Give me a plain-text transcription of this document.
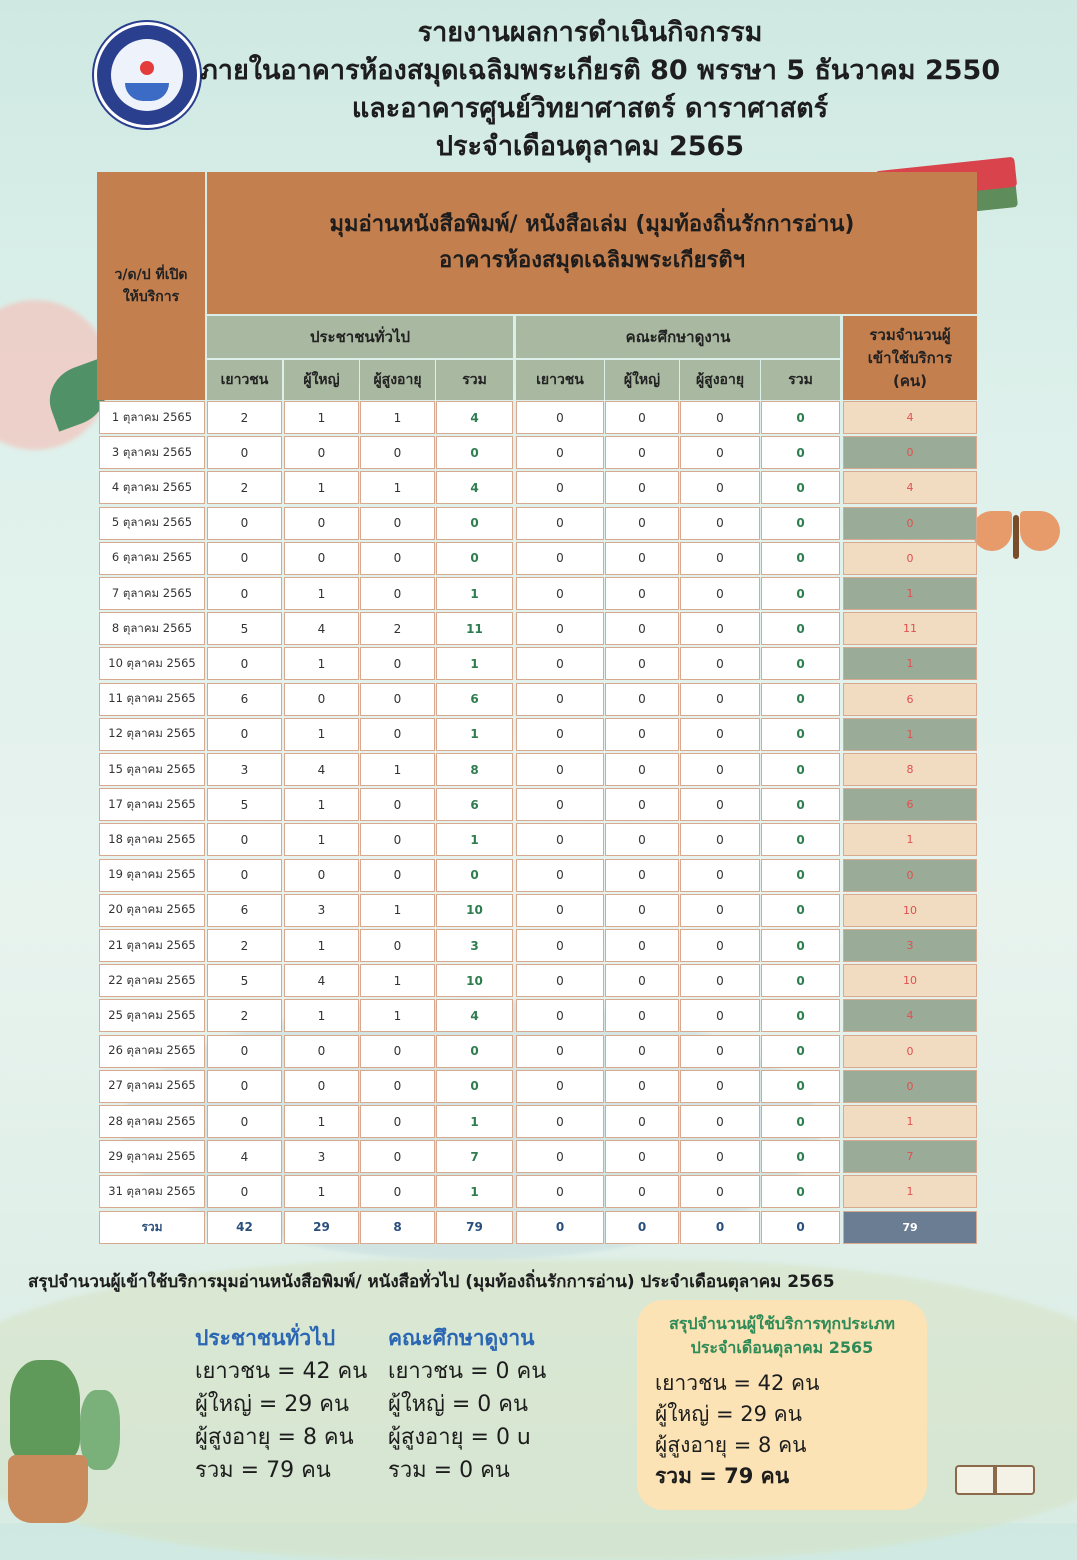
รายงานผลการดำเนินกิจกรรม
ภายในอาคารห้องสมุดเฉลิมพระเกียรติ 80 พรรษา 5 ธันวาคม 2550
และอาคารศูนย์วิทยาศาสตร์ ดาราศาสตร์
ประจำเดือนตุลาคม 2565
ว/ด/ป ที่เปิดให้บริการ
มุมอ่านหนังสือพิมพ์/ หนังสือเล่ม (มุมท้องถิ่นรักการอ่าน)
อาคารห้องสมุดเฉลิมพระเกียรติฯ
ประชาชนทั่วไป	คณะศึกษาดูงาน	รวมจำนวนผู้เข้าใช้บริการ (คน)
เยาวชน	ผู้ใหญ่	ผู้สูงอายุ	รวม	เยาวชน	ผู้ใหญ่	ผู้สูงอายุ	รวม
1 ตุลาคม 2565	2	1	1	4	0	0	0	0	4
3 ตุลาคม 2565	0	0	0	0	0	0	0	0	0
4 ตุลาคม 2565	2	1	1	4	0	0	0	0	4
5 ตุลาคม 2565	0	0	0	0	0	0	0	0	0
6 ตุลาคม 2565	0	0	0	0	0	0	0	0	0
7 ตุลาคม 2565	0	1	0	1	0	0	0	0	1
8 ตุลาคม 2565	5	4	2	11	0	0	0	0	11
10 ตุลาคม 2565	0	1	0	1	0	0	0	0	1
11 ตุลาคม 2565	6	0	0	6	0	0	0	0	6
12 ตุลาคม 2565	0	1	0	1	0	0	0	0	1
15 ตุลาคม 2565	3	4	1	8	0	0	0	0	8
17 ตุลาคม 2565	5	1	0	6	0	0	0	0	6
18 ตุลาคม 2565	0	1	0	1	0	0	0	0	1
19 ตุลาคม 2565	0	0	0	0	0	0	0	0	0
20 ตุลาคม 2565	6	3	1	10	0	0	0	0	10
21 ตุลาคม 2565	2	1	0	3	0	0	0	0	3
22 ตุลาคม 2565	5	4	1	10	0	0	0	0	10
25 ตุลาคม 2565	2	1	1	4	0	0	0	0	4
26 ตุลาคม 2565	0	0	0	0	0	0	0	0	0
27 ตุลาคม 2565	0	0	0	0	0	0	0	0	0
28 ตุลาคม 2565	0	1	0	1	0	0	0	0	1
29 ตุลาคม 2565	4	3	0	7	0	0	0	0	7
31 ตุลาคม 2565	0	1	0	1	0	0	0	0	1
รวม	42	29	8	79	0	0	0	0	79
สรุปจำนวนผู้เข้าใช้บริการมุมอ่านหนังสือพิมพ์/ หนังสือทั่วไป (มุมท้องถิ่นรักการอ่าน) ประจำเดือนตุลาคม 2565
ประชาชนทั่วไป
เยาวชน = 42 คน
ผู้ใหญ่ = 29 คน
ผู้สูงอายุ = 8 คน
รวม = 79 คน
คณะศึกษาดูงาน
เยาวชน = 0 คน
ผู้ใหญ่ = 0 คน
ผู้สูงอายุ = 0 u
รวม = 0 คน
สรุปจำนวนผู้ใช้บริการทุกประเภท
ประจำเดือนตุลาคม 2565
เยาวชน = 42 คน
ผู้ใหญ่ = 29 คน
ผู้สูงอายุ = 8 คน
รวม = 79 คน
